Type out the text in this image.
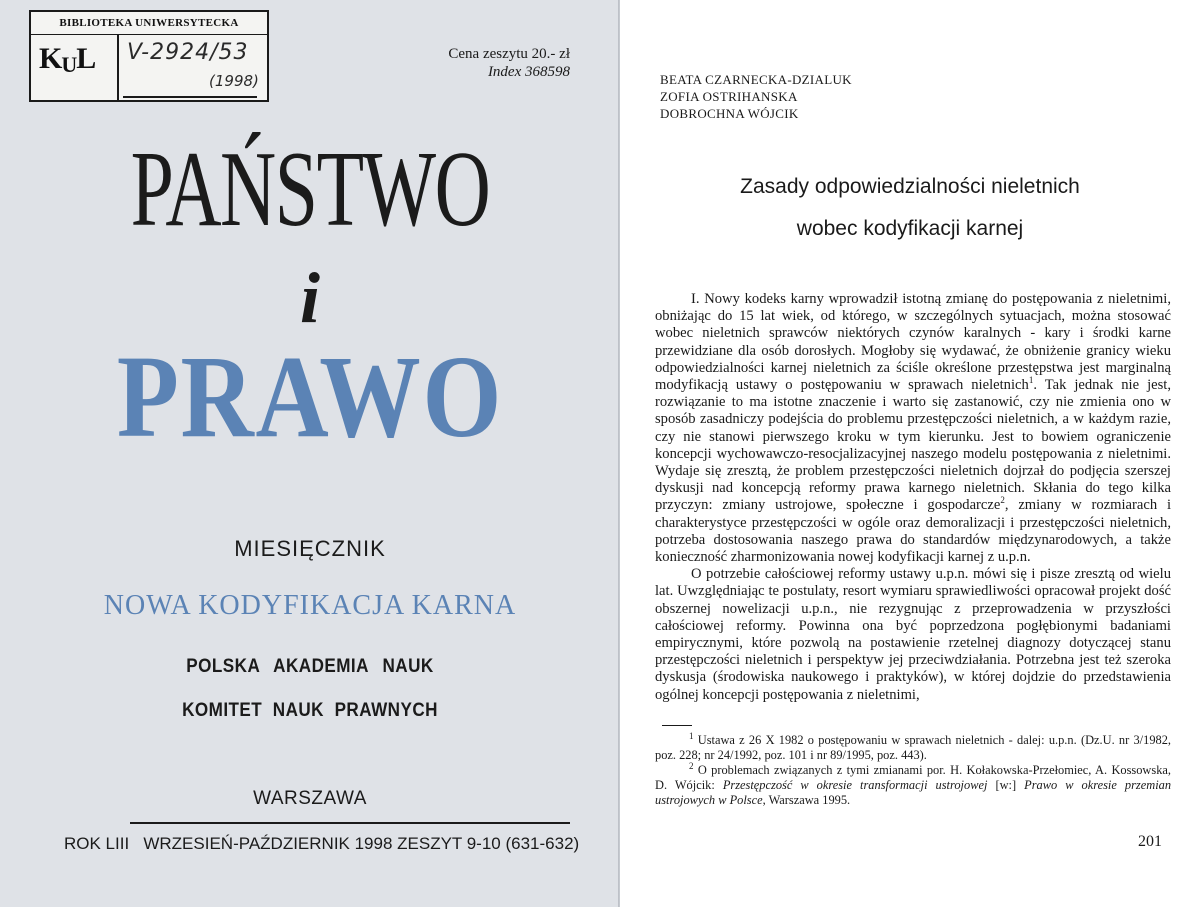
BIBLIOTEKA UNIWERSYTECKA
KUL V-2924/53
(1998)
Cena zeszytu 20.- zł
Index 368598
PAŃSTWO
i
PRAWO
MIESIĘCZNIK
NOWA KODYFIKACJA KARNA
POLSKA AKADEMIA NAUK
KOMITET NAUK PRAWNYCH
WARSZAWA
ROK LIII   WRZESIEŃ-PAŹDZIERNIK 1998 ZESZYT 9-10 (631-632)
BEATA CZARNECKA-DZIALUK
ZOFIA OSTRIHANSKA
DOBROCHNA WÓJCIK
Zasady odpowiedzialności nieletnich
wobec kodyfikacji karnej

I. Nowy kodeks karny wprowadził istotną zmianę do postępowania z nieletnimi, obniżając do 15 lat wiek, od którego, w szczególnych sytuacjach, można stosować wobec nieletnich sprawców niektórych czynów karalnych - kary i środki karne przewidziane dla osób dorosłych. Mogłoby się wydawać, że obniżenie granicy wieku odpowiedzialności karnej nieletnich za ściśle określone przestępstwa jest marginalną modyfikacją ustawy o postępowaniu w sprawach nieletnich$^1$. Tak jednak nie jest, rozwiązanie to ma istotne znaczenie i warto się zastanowić, czy nie zmienia ono w sposób zasadniczy podejścia do problemu przestępczości nieletnich, a w każdym razie, czy nie stanowi pierwszego kroku w tym kierunku. Jest to bowiem ograniczenie koncepcji wychowawczo-resocjalizacyjnej naszego modelu postępowania z nieletnimi. Wydaje się zresztą, że problem przestępczości nieletnich dojrzał do podjęcia szerszej dyskusji nad koncepcją reformy prawa karnego nieletnich. Skłania do tego kilka przyczyn: zmiany ustrojowe, społeczne i gospodarcze$^2$, zmiany w rozmiarach i charakterystyce przestępczości w ogóle oraz demoralizacji i przestępczości nieletnich, potrzeba dostosowania naszego prawa do standardów międzynarodowych, a także konieczność zharmonizowania nowej kodyfikacji karnej z u.p.n.

O potrzebie całościowej reformy ustawy u.p.n. mówi się i pisze zresztą od wielu lat. Uwzględniając te postulaty, resort wymiaru sprawiedliwości opracował projekt dość obszernej nowelizacji u.p.n., nie rezygnując z przeprowadzenia w przyszłości całościowej reformy. Powinna ona być poprzedzona pogłębionymi badaniami empirycznymi, które pozwolą na postawienie rzetelnej diagnozy dotyczącej stanu przestępczości nieletnich i perspektyw jej przeciwdziałania. Potrzebna jest też szeroka dyskusja (środowiska naukowego i praktyków), w której dojdzie do przedstawienia ogólnej koncepcji postępowania z nieletnimi,

$^1$ Ustawa z 26 X 1982 o postępowaniu w sprawach nieletnich - dalej: u.p.n. (Dz.U. nr 3/1982, poz. 228; nr 24/1992, poz. 101 i nr 89/1995, poz. 443).

$^2$ O problemach związanych z tymi zmianami por. H. Kołakowska-Przełomiec, A. Kossowska, D. Wójcik: Przestępczość w okresie transformacji ustrojowej [w:] Prawo w okresie przemian ustrojowych w Polsce, Warszawa 1995.

201
